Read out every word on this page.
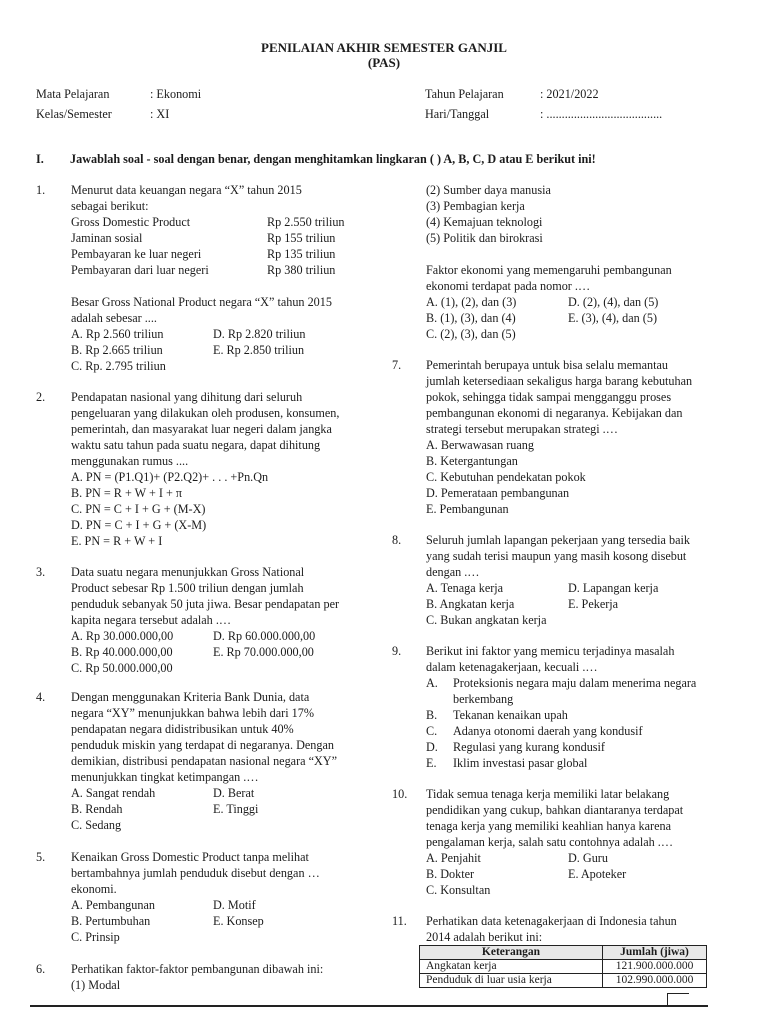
PENILAIAN AKHIR SEMESTER GANJIL
(PAS)
Mata Pelajaran	: Ekonomi
Kelas/Semester	: XI
Tahun Pelajaran	: 2021/2022
Hari/Tanggal	: ......................................
I. Jawablah soal - soal dengan benar, dengan menghitamkan lingkaran ( ) A, B, C, D atau E berikut ini!
1. Menurut data keuangan negara “X” tahun 2015
sebagai berikut:
Gross Domestic Product	Rp 2.550 triliun
Jaminan sosial	Rp 155 triliun
Pembayaran ke luar negeri	Rp 135 triliun
Pembayaran dari luar negeri	Rp 380 triliun
Besar Gross National Product negara “X” tahun 2015
adalah sebesar ....
A. Rp 2.560 triliun	D. Rp 2.820 triliun
B. Rp 2.665 triliun	E. Rp 2.850 triliun
C. Rp. 2.795 triliun
2. Pendapatan nasional yang dihitung dari seluruh
pengeluaran yang dilakukan oleh produsen, konsumen,
pemerintah, dan masyarakat luar negeri dalam jangka
waktu satu tahun pada suatu negara, dapat dihitung
menggunakan rumus ....
A. PN = (P1.Q1)+ (P2.Q2)+ . . . +Pn.Qn
B. PN = R + W + I + π
C. PN = C + I + G + (M-X)
D. PN = C + I + G + (X-M)
E. PN = R + W + I
3. Data suatu negara menunjukkan Gross National
Product sebesar Rp 1.500 triliun dengan jumlah
penduduk sebanyak 50 juta jiwa. Besar pendapatan per
kapita negara tersebut adalah .…
A. Rp 30.000.000,00	D. Rp 60.000.000,00
B. Rp 40.000.000,00	E. Rp 70.000.000,00
C. Rp 50.000.000,00
4. Dengan menggunakan Kriteria Bank Dunia, data
negara “XY” menunjukkan bahwa lebih dari 17%
pendapatan negara didistribusikan untuk 40%
penduduk miskin yang terdapat di negaranya. Dengan
demikian, distribusi pendapatan nasional negara “XY”
menunjukkan tingkat ketimpangan .…
A. Sangat rendah	D. Berat
B. Rendah	E. Tinggi
C. Sedang
5. Kenaikan Gross Domestic Product tanpa melihat
bertambahnya jumlah penduduk disebut dengan …
ekonomi.
A. Pembangunan	D. Motif
B. Pertumbuhan	E. Konsep
C. Prinsip
6. Perhatikan faktor-faktor pembangunan dibawah ini:
(1) Modal
(2) Sumber daya manusia
(3) Pembagian kerja
(4) Kemajuan teknologi
(5) Politik dan birokrasi
Faktor ekonomi yang memengaruhi pembangunan
ekonomi terdapat pada nomor .…
A. (1), (2), dan (3)	D. (2), (4), dan (5)
B. (1), (3), dan (4)	E. (3), (4), dan (5)
C. (2), (3), dan (5)
7. Pemerintah berupaya untuk bisa selalu memantau
jumlah ketersediaan sekaligus harga barang kebutuhan
pokok, sehingga tidak sampai mengganggu proses
pembangunan ekonomi di negaranya. Kebijakan dan
strategi tersebut merupakan strategi .…
A. Berwawasan ruang
B. Ketergantungan
C. Kebutuhan pendekatan pokok
D. Pemerataan pembangunan
E. Pembangunan
8. Seluruh jumlah lapangan pekerjaan yang tersedia baik
yang sudah terisi maupun yang masih kosong disebut
dengan .…
A. Tenaga kerja	D. Lapangan kerja
B. Angkatan kerja	E. Pekerja
C. Bukan angkatan kerja
9. Berikut ini faktor yang memicu terjadinya masalah
dalam ketenagakerjaan, kecuali .…
A.	Proteksionis negara maju dalam menerima negara
berkembang
B.	Tekanan kenaikan upah
C.	Adanya otonomi daerah yang kondusif
D.	Regulasi yang kurang kondusif
E.	Iklim investasi pasar global
10. Tidak semua tenaga kerja memiliki latar belakang
pendidikan yang cukup, bahkan diantaranya terdapat
tenaga kerja yang memiliki keahlian hanya karena
pengalaman kerja, salah satu contohnya adalah .…
A. Penjahit	D. Guru
B. Dokter	E. Apoteker
C. Konsultan
11. Perhatikan data ketenagakerjaan di Indonesia tahun
2014 adalah berikut ini:
Keterangan	Jumlah (jiwa)
Angkatan kerja	121.900.000.000
Penduduk di luar usia kerja	102.990.000.000
